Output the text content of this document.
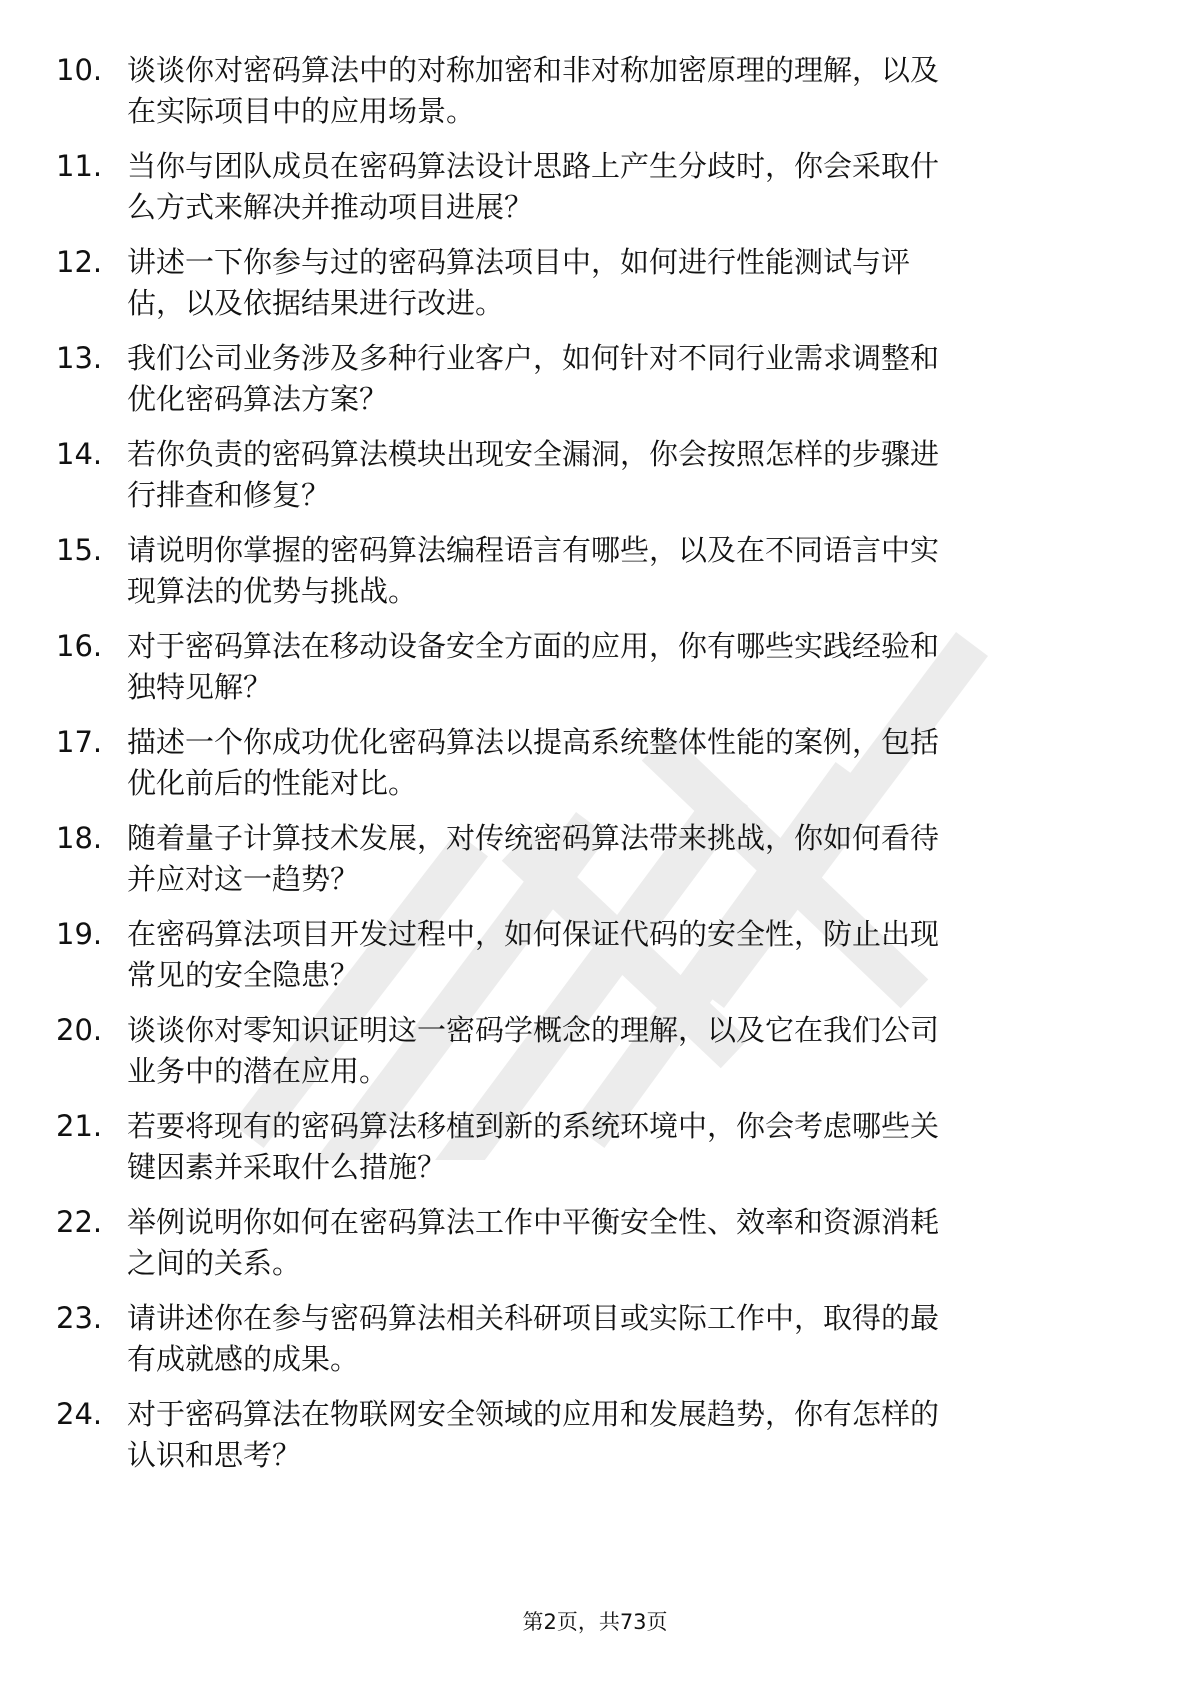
10. 谈谈你对密码算法中的对称加密和非对称加密原理的理解，以及
在实际项目中的应用场景。
11. 当你与团队成员在密码算法设计思路上产生分歧时，你会采取什
么方式来解决并推动项目进展？
12. 讲述一下你参与过的密码算法项目中，如何进行性能测试与评
估，以及依据结果进行改进。
13. 我们公司业务涉及多种行业客户，如何针对不同行业需求调整和
优化密码算法方案？
14. 若你负责的密码算法模块出现安全漏洞，你会按照怎样的步骤进
行排查和修复？
15. 请说明你掌握的密码算法编程语言有哪些，以及在不同语言中实
现算法的优势与挑战。
16. 对于密码算法在移动设备安全方面的应用，你有哪些实践经验和
独特见解？
17. 描述一个你成功优化密码算法以提高系统整体性能的案例，包括
优化前后的性能对比。
18. 随着量子计算技术发展，对传统密码算法带来挑战，你如何看待
并应对这一趋势？
19. 在密码算法项目开发过程中，如何保证代码的安全性，防止出现
常见的安全隐患？
20. 谈谈你对零知识证明这一密码学概念的理解，以及它在我们公司
业务中的潜在应用。
21. 若要将现有的密码算法移植到新的系统环境中，你会考虑哪些关
键因素并采取什么措施？
22. 举例说明你如何在密码算法工作中平衡安全性、效率和资源消耗
之间的关系。
23. 请讲述你在参与密码算法相关科研项目或实际工作中，取得的最
有成就感的成果。
24. 对于密码算法在物联网安全领域的应用和发展趋势，你有怎样的
认识和思考？
第2页，共73页
